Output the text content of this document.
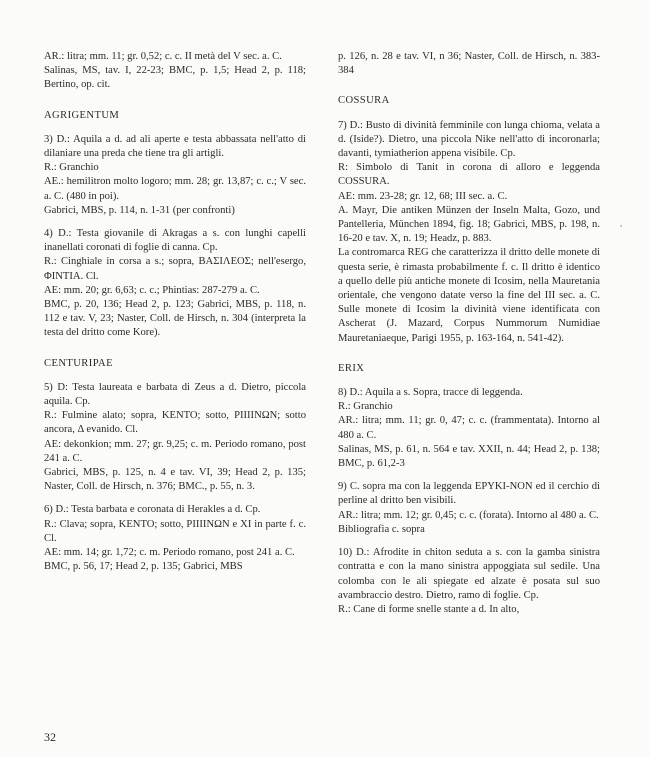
AR.: litra; mm. 11; gr. 0,52; c. c. II metà del V sec. a. C.

Salinas, MS, tav. I, 22-23; BMC, p. 1,5; Head 2, p. 118; Bertino, op. cit.

AGRIGENTUM

3) D.: Aquila a d. ad ali aperte e testa abbassata nell'atto di dilaniare una preda che tiene tra gli artigli.

R.: Granchio

AE.: hemilitron molto logoro; mm. 28; gr. 13,87; c. c.; V sec. a. C. (480 in poi).

Gabrici, MBS, p. 114, n. 1-31 (per confronti)

4) D.: Testa giovanile di Akragas a s. con lunghi capelli inanellati coronati di foglie di canna. Cp.

R.: Cinghiale in corsa a s.; sopra, ΒΑΣΙΛΕΟΣ; nell'esergo, ΦΙΝΤΙΑ. Cl.

AE: mm. 20; gr. 6,63; c. c.; Phintias: 287-279 a. C.

BMC, p. 20, 136; Head 2, p. 123; Gabrici, MBS, p. 118, n. 112 e tav. V, 23; Naster, Coll. de Hirsch, n. 304 (interpreta la testa del dritto come Kore).

CENTURIPAE

5) D: Testa laureata e barbata di Zeus a d. Dietro, piccola aquila. Cp.

R.: Fulmine alato; sopra, KENTO; sotto, PIΙΙΙΝΩΝ; sotto ancora, Δ evanido. Cl.

AE: dekonkion; mm. 27; gr. 9,25; c. m. Periodo romano, post 241 a. C.

Gabrici, MBS, p. 125, n. 4 e tav. VI, 39; Head 2, p. 135; Naster, Coll. de Hirsch, n. 376; BMC., p. 55, n. 3.

6) D.: Testa barbata e coronata di Herakles a d. Cp.

R.: Clava; sopra, KENTO; sotto, PIΙΙΙΝΩΝ e XI in parte f. c. Cl.

AE: mm. 14; gr. 1,72; c. m. Periodo romano, post 241 a. C.

BMC, p. 56, 17; Head 2, p. 135; Gabrici, MBS

p. 126, n. 28 e tav. VI, n 36; Naster, Coll. de Hirsch, n. 383-384

COSSURA

7) D.: Busto di divinità femminile con lunga chioma, velata a d. (Iside?). Dietro, una piccola Nike nell'atto di incoronarla; davanti, tymiatherion appena visibile. Cp.

R: Simbolo di Tanit in corona di alloro e leggenda COSSURA.

AE: mm. 23-28; gr. 12, 68; III sec. a. C.

A. Mayr, Die antiken Münzen der Inseln Malta, Gozo, und Pantelleria, München 1894, fig. 18; Gabrici, MBS, p. 198, n. 16-20 e tav. X, n. 19; Headz, p. 883.

La contromarca REG che caratterizza il dritto delle monete di questa serie, è rimasta probabilmente f. c. Il dritto è identico a quello delle più antiche monete di Icosim, nella Mauretania orientale, che vengono datate verso la fine del III sec. a. C. Sulle monete di Icosim la divinità viene identificata con Ascherat (J. Mazard, Corpus Nummorum Numidiae Mauretaniaeque, Parigi 1955, p. 163-164, n. 541-42).

ERIX

8) D.: Aquila a s. Sopra, tracce di leggenda.

R.: Granchio

AR.: litra; mm. 11; gr. 0, 47; c. c. (frammentata). Intorno al 480 a. C.

Salinas, MS, p. 61, n. 564 e tav. XXII, n. 44; Head 2, p. 138; BMC, p. 61,2-3

9) C. sopra ma con la leggenda EPYKI-NON ed il cerchio di perline al dritto ben visibili.

AR.: litra; mm. 12; gr. 0,45; c. c. (forata). Intorno al 480 a. C.

Bibliografia c. sopra

10) D.: Afrodite in chiton seduta a s. con la gamba sinistra contratta e con la mano sinistra appoggiata sul sedile. Una colomba con le ali spiegate ed alzate è posata sul suo avambraccio destro. Dietro, ramo di foglie. Cp.

R.: Cane di forme snelle stante a d. In alto,

32
,
